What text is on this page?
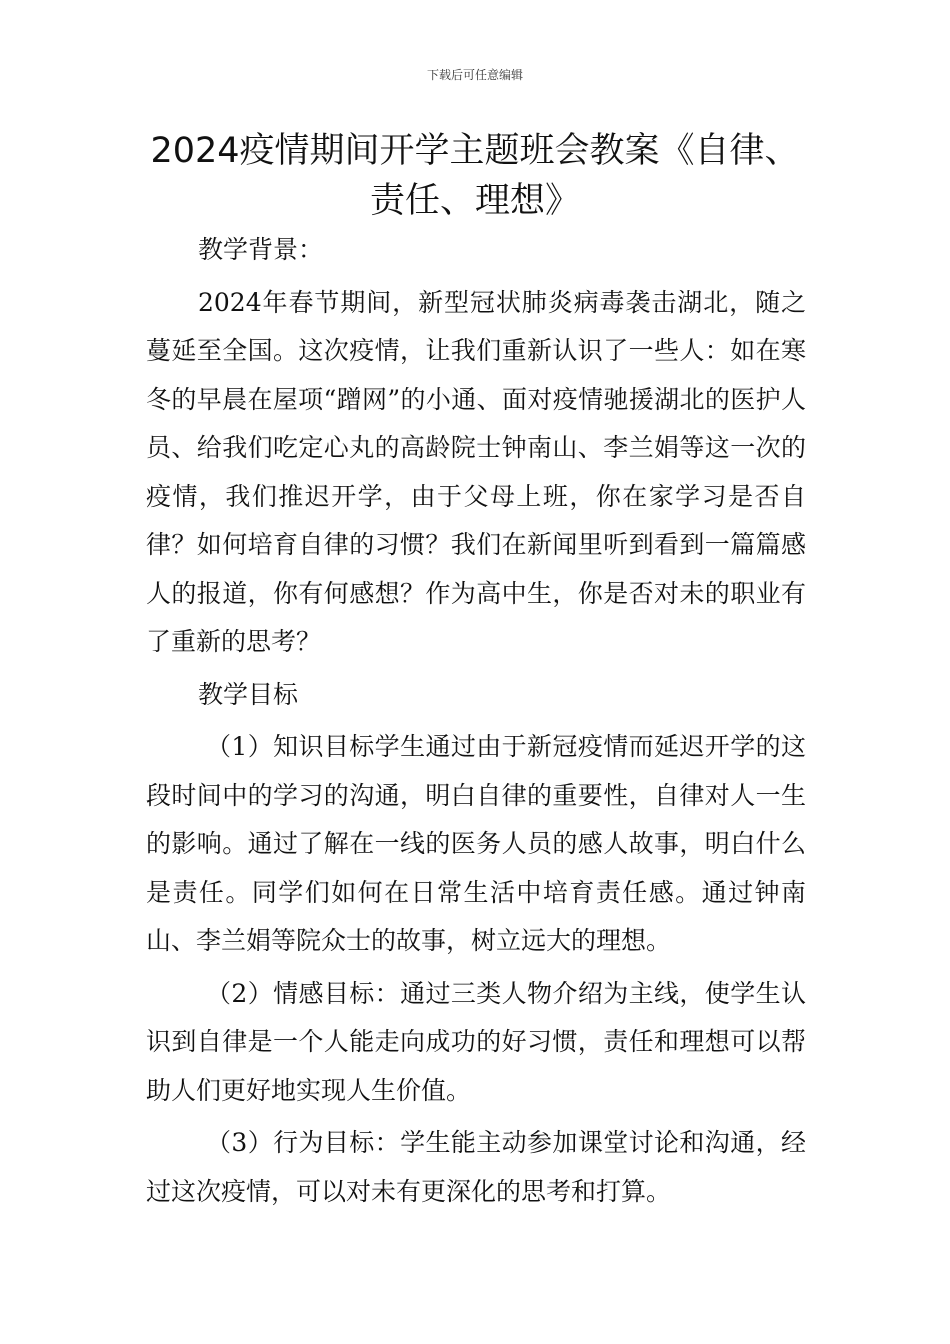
下载后可任意编辑
2024疫情期间开学主题班会教案《自律、责任、理想》

教学背景：

2024年春节期间，新型冠状肺炎病毒袭击湖北，随之蔓延至全国。这次疫情，让我们重新认识了一些人：如在寒冬的早晨在屋项“蹭网”的小通、面对疫情驰援湖北的医护人员、给我们吃定心丸的高龄院士钟南山、李兰娟等这一次的疫情，我们推迟开学，由于父母上班，你在家学习是否自律？如何培育自律的习惯？我们在新闻里听到看到一篇篇感人的报道，你有何感想？作为高中生，你是否对未的职业有了重新的思考？

教学目标

（1）知识目标学生通过由于新冠疫情而延迟开学的这段时间中的学习的沟通，明白自律的重要性，自律对人一生的影响。通过了解在一线的医务人员的感人故事，明白什么是责任。同学们如何在日常生活中培育责任感。通过钟南山、李兰娟等院众士的故事，树立远大的理想。

（2）情感目标：通过三类人物介绍为主线，使学生认识到自律是一个人能走向成功的好习惯，责任和理想可以帮助人们更好地实现人生价值。

（3）行为目标：学生能主动参加课堂讨论和沟通，经过这次疫情，可以对未有更深化的思考和打算。
